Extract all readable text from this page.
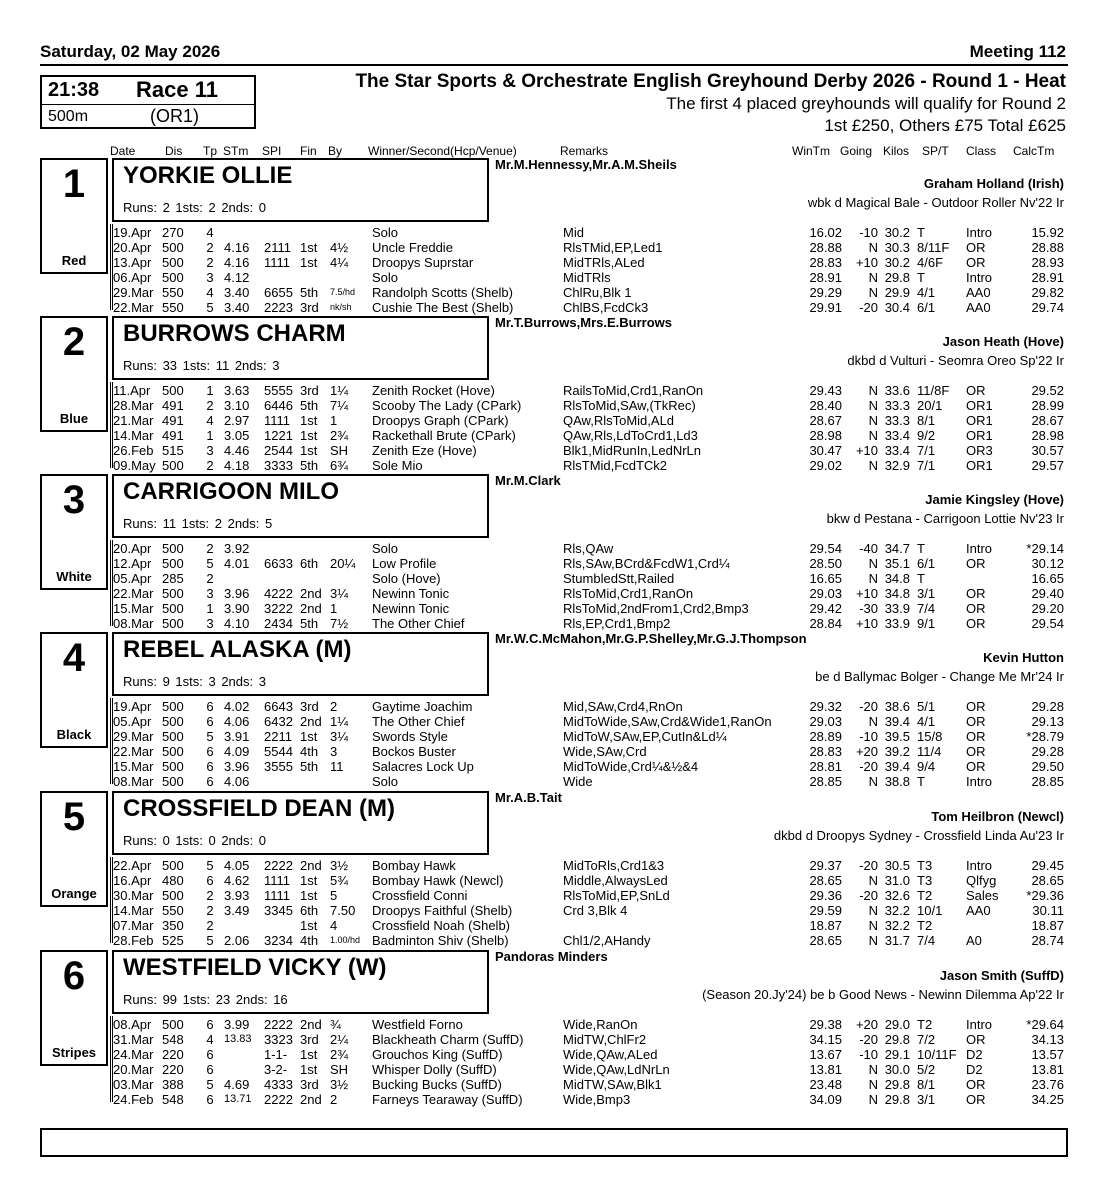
Saturday, 02 May 2026	Meeting 112
21:38 Race 11
500m	(OR1)
The Star Sports & Orchestrate English Greyhound Derby 2026 - Round 1 - Heat
The first 4 placed greyhounds will qualify for Round 2
1st £250, Others £75 Total £625
Date Dis Tp STm SPI Fin By Winner/Second(Hcp/Venue)	Remarks	WinTm Going Kilos SP/T Class CalcTm
1
Red
YORKIE OLLIE
Runs: 2 1sts: 2 2nds: 0
Mr.M.Hennessy,Mr.A.M.Sheils
Graham Holland (Irish)
wbk d Magical Bale - Outdoor Roller Nv'22 Ir
19.Apr 270 4	Solo	Mid	16.02 -10 30.2 T	Intro	15.92
20.Apr 500 2 4.16 2111 1st 4½ Uncle Freddie	RlsTMid,EP,Led1	28.88 N 30.3 8/11F OR	28.88
13.Apr 500 2 4.16 1111 1st 4¼ Droopys Suprstar	MidTRls,ALed	28.83 +10 30.2 4/6F OR	28.93
06.Apr 500 3 4.12	Solo	MidTRls	28.91 N 29.8 T	Intro	28.91
29.Mar 550 4 3.40 6655 5th 7.5/hd Randolph Scotts (Shelb)	ChlRu,Blk 1	29.29 N 29.9 4/1 AA0	29.82
22.Mar 550 5 3.40 2223 3rd nk/sh Cushie The Best (Shelb)	ChlBS,FcdCk3	29.91 -20 30.4 6/1 AA0	29.74
2
Blue
BURROWS CHARM
Runs: 33 1sts: 11 2nds: 3
Mr.T.Burrows,Mrs.E.Burrows
Jason Heath (Hove)
dkbd d Vulturi - Seomra Oreo Sp'22 Ir
11.Apr 500 1 3.63 5555 3rd 1¼ Zenith Rocket (Hove)	RailsToMid,Crd1,RanOn	29.43 N 33.6 11/8F OR	29.52
28.Mar 491 2 3.10 6446 5th 7¼ Scooby The Lady (CPark)	RlsToMid,SAw,(TkRec)	28.40 N 33.3 20/1 OR1	28.99
21.Mar 491 4 2.97 1111 1st 1	Droopys Graph (CPark)	QAw,RlsToMid,ALd	28.67 N 33.3 8/1 OR1	28.67
14.Mar 491 1 3.05 1221 1st 2¾ Rackethall Brute (CPark)	QAw,Rls,LdToCrd1,Ld3	28.98 N 33.4 9/2 OR1	28.98
26.Feb 515 3 4.46 2544 1st SH Zenith Eze (Hove)	Blk1,MidRunIn,LedNrLn	30.47 +10 33.4 7/1 OR3	30.57
09.May 500 2 4.18 3333 5th 6¾ Sole Mio	RlsTMid,FcdTCk2	29.02 N 32.9 7/1 OR1	29.57
3
White
CARRIGOON MILO
Runs: 11 1sts: 2 2nds: 5
Mr.M.Clark
Jamie Kingsley (Hove)
bkw d Pestana - Carrigoon Lottie Nv'23 Ir
20.Apr 500 2 3.92	Solo	Rls,QAw	29.54 -40 34.7 T	Intro	*29.14
12.Apr 500 5 4.01 6633 6th 20¼ Low Profile	Rls,SAw,BCrd&FcdW1,Crd¼	28.50 N 35.1 6/1 OR	30.12
05.Apr 285 2	Solo (Hove)	StumbledStt,Railed	16.65 N 34.8 T	16.65
22.Mar 500 3 3.96 4222 2nd 3¼ Newinn Tonic	RlsToMid,Crd1,RanOn	29.03 +10 34.8 3/1 OR	29.40
15.Mar 500 1 3.90 3222 2nd 1	Newinn Tonic	RlsToMid,2ndFrom1,Crd2,Bmp3	29.42 -30 33.9 7/4 OR	29.20
08.Mar 500 3 4.10 2434 5th 7½ The Other Chief	Rls,EP,Crd1,Bmp2	28.84 +10 33.9 9/1 OR	29.54
4
Black
REBEL ALASKA (M)
Runs: 9 1sts: 3 2nds: 3
Mr.W.C.McMahon,Mr.G.P.Shelley,Mr.G.J.Thompson
Kevin Hutton
be d Ballymac Bolger - Change Me Mr'24 Ir
19.Apr 500 6 4.02 6643 3rd 2	Gaytime Joachim	Mid,SAw,Crd4,RnOn	29.32 -20 38.6 5/1 OR	29.28
05.Apr 500 6 4.06 6432 2nd 1¼ The Other Chief	MidToWide,SAw,Crd&Wide1,RanOn	29.03 N 39.4 4/1 OR	29.13
29.Mar 500 5 3.91 2211 1st 3¼ Swords Style	MidToW,SAw,EP,CutIn&Ld¼	28.89 -10 39.5 15/8 OR	*28.79
22.Mar 500 6 4.09 5544 4th 3	Bockos Buster	Wide,SAw,Crd	28.83 +20 39.2 11/4 OR	29.28
15.Mar 500 6 3.96 3555 5th 11 Salacres Lock Up	MidToWide,Crd¼&½&4	28.81 -20 39.4 9/4 OR	29.50
08.Mar 500 6 4.06	Solo	Wide	28.85 N 38.8 T	Intro	28.85
5
Orange
CROSSFIELD DEAN (M)
Runs: 0 1sts: 0 2nds: 0
Mr.A.B.Tait
Tom Heilbron (Newcl)
dkbd d Droopys Sydney - Crossfield Linda Au'23 Ir
22.Apr 500 5 4.05 2222 2nd 3½ Bombay Hawk	MidToRls,Crd1&3	29.37 -20 30.5 T3	Intro	29.45
16.Apr 480 6 4.62 1111 1st 5¾ Bombay Hawk (Newcl)	Middle,AlwaysLed	28.65 N 31.0 T3	Qlfyg	28.65
30.Mar 500 2 3.93 1111 1st 5	Crossfield Conni	RlsToMid,EP,SnLd	29.36 -20 32.6 T2	Sales *29.36
14.Mar 550 2 3.49 3345 6th 7.50 Droopys Faithful (Shelb)	Crd 3,Blk 4	29.59 N 32.2 10/1 AA0	30.11
07.Mar 350 2	1st 4	Crossfield Noah (Shelb)	18.87 N 32.2 T2	18.87
28.Feb 525 5 2.06 3234 4th 1.00/hd Badminton Shiv (Shelb)	Chl1/2,AHandy	28.65 N 31.7 7/4 A0	28.74
6
Stripes
WESTFIELD VICKY (W)
Runs: 99 1sts: 23 2nds: 16
Pandoras Minders
Jason Smith (SuffD)
(Season 20.Jy'24) be b Good News - Newinn Dilemma Ap'22 Ir
08.Apr 500 6 3.99 2222 2nd ¾ Westfield Forno	Wide,RanOn	29.38 +20 29.0 T2	Intro	*29.64
31.Mar 548 4 13.83 3323 3rd 2¼ Blackheath Charm (SuffD)	MidTW,ChlFr2	34.15 -20 29.8 7/2 OR	34.13
24.Mar 220 6	1-1- 1st 2¾ Grouchos King (SuffD)	Wide,QAw,ALed	13.67 -10 29.1 10/11F D2	13.57
20.Mar 220 6	3-2- 1st SH Whisper Dolly (SuffD)	Wide,QAw,LdNrLn	13.81 N 30.0 5/2 D2	13.81
03.Mar 388 5 4.69 4333 3rd 3½ Bucking Bucks (SuffD)	MidTW,SAw,Blk1	23.48 N 29.8 8/1 OR	23.76
24.Feb 548 6 13.71 2222 2nd 2	Farneys Tearaway (SuffD)	Wide,Bmp3	34.09 N 29.8 3/1 OR	34.25
